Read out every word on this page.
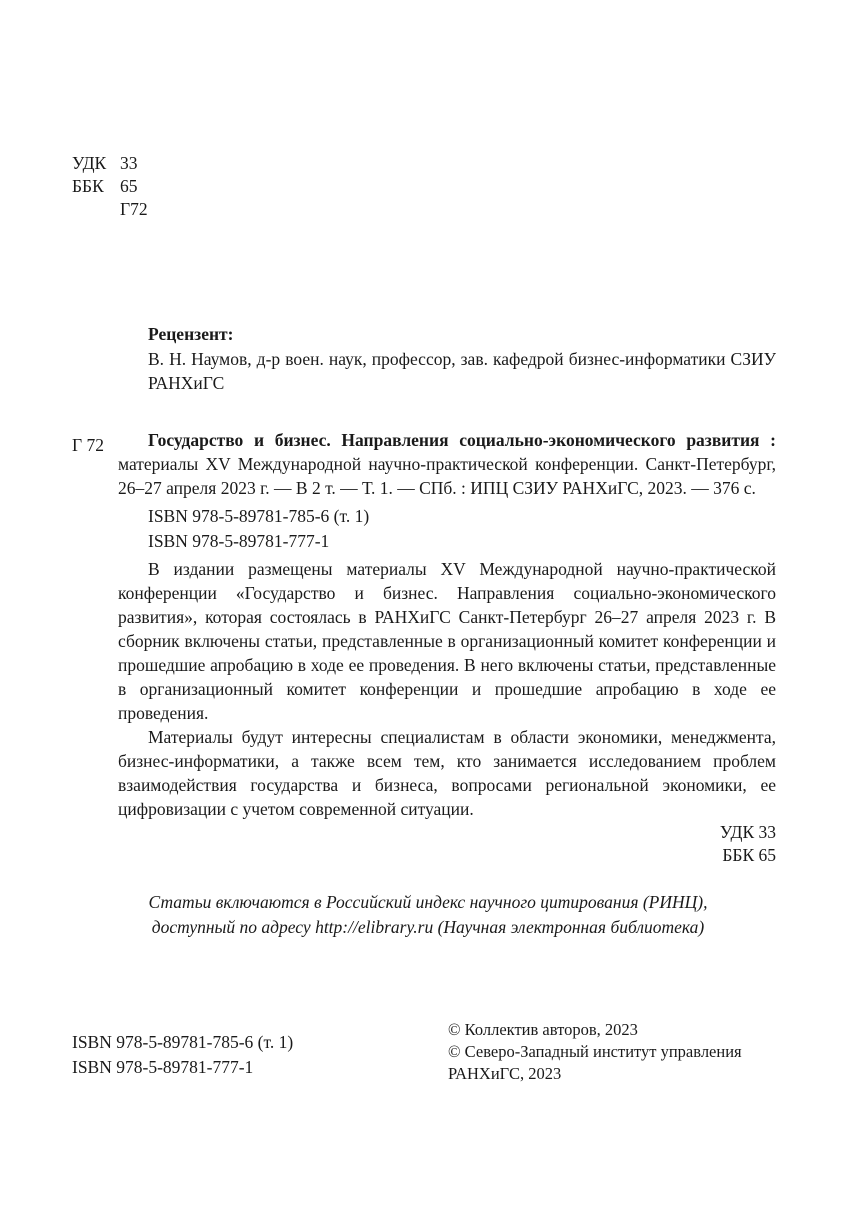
УДК 33
ББК 65
Г72
Рецензент:
В. Н. Наумов, д-р воен. наук, профессор, зав. кафедрой бизнес-информатики СЗИУ РАНХиГС
Г 72	Государство и бизнес. Направления социально-экономического развития : материалы XV Международной научно-практической конференции. Санкт-Петербург, 26–27 апреля 2023 г. — В 2 т. — Т. 1. — СПб. : ИПЦ СЗИУ РАНХиГС, 2023. — 376 с.
ISBN 978-5-89781-785-6 (т. 1)
ISBN 978-5-89781-777-1

В издании размещены материалы XV Международной научно-практической конференции «Государство и бизнес. Направления социально-экономического развития», которая состоялась в РАНХиГС Санкт-Петербург 26–27 апреля 2023 г. В сборник включены статьи, представленные в организационный комитет конференции и прошедшие апробацию в ходе ее проведения. В него включены статьи, представленные в организационный комитет конференции и прошедшие апробацию в ходе ее проведения.

Материалы будут интересны специалистам в области экономики, менеджмента, бизнес-информатики, а также всем тем, кто занимается исследованием проблем взаимодействия государства и бизнеса, вопросами региональной экономики, ее цифровизации с учетом современной ситуации.

УДК 33
ББК 65
Статьи включаются в Российский индекс научного цитирования (РИНЦ),
доступный по адресу http://elibrary.ru (Научная электронная библиотека)
ISBN 978-5-89781-785-6 (т. 1)
ISBN 978-5-89781-777-1
© Коллектив авторов, 2023
© Северо-Западный институт управления
РАНХиГС, 2023
